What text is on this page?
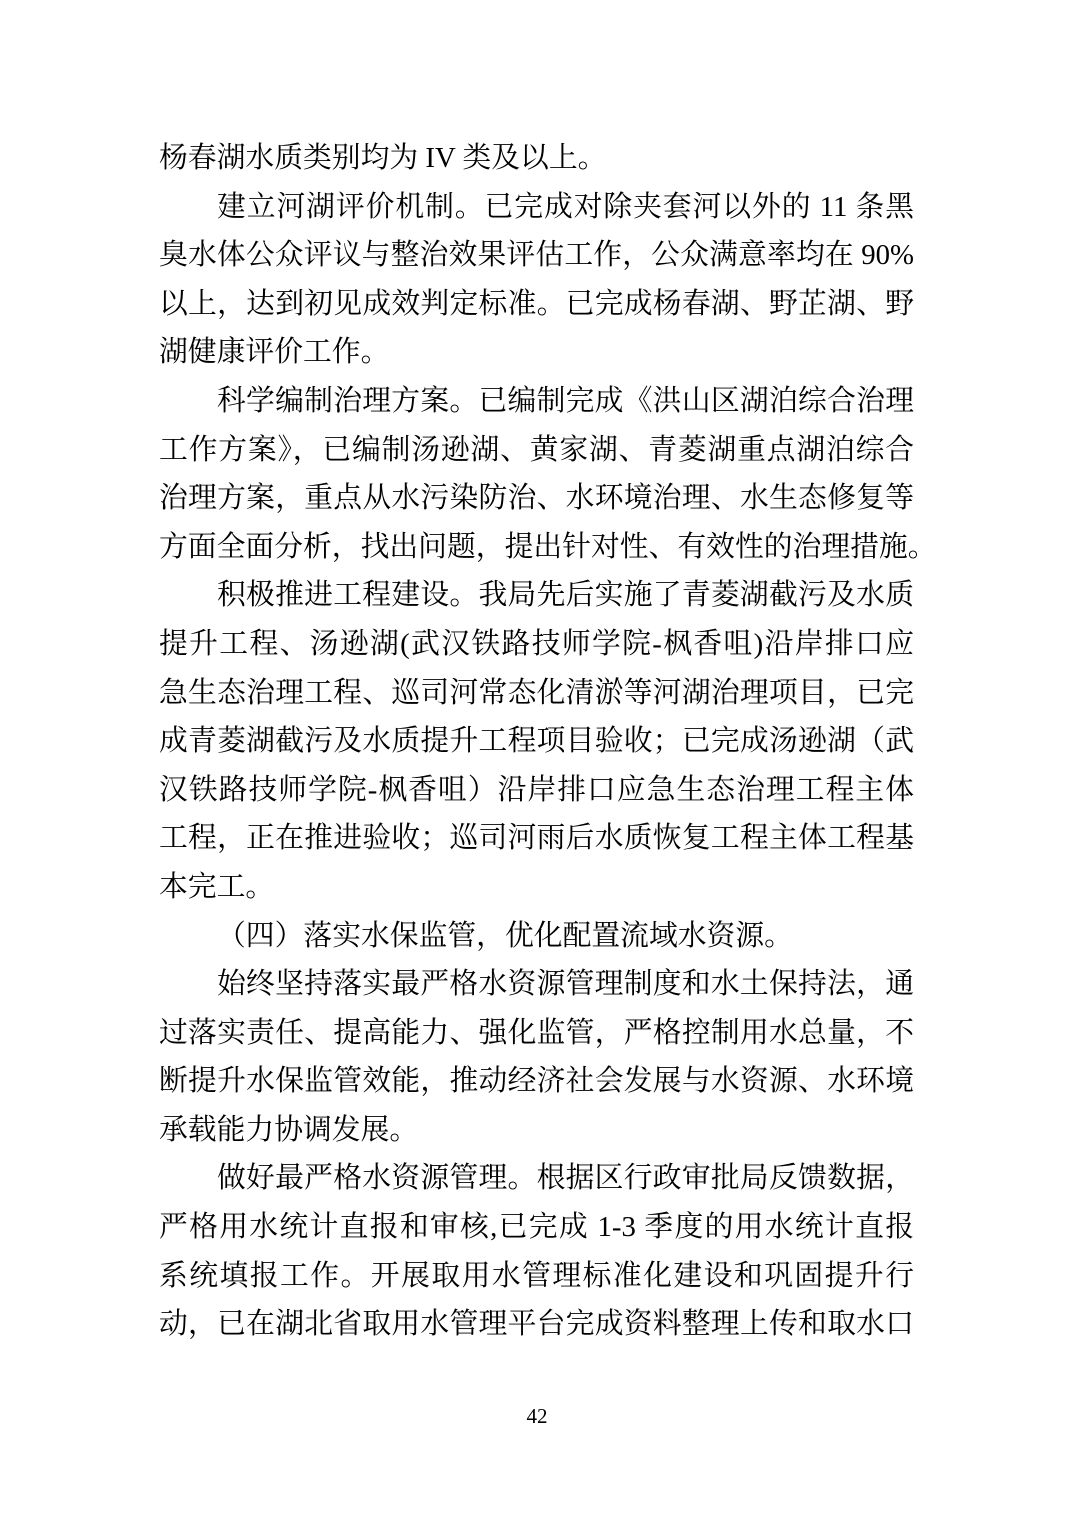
杨春湖水质类别均为 IV 类及以上。
建立河湖评价机制。已完成对除夹套河以外的 11 条黑
臭水体公众评议与整治效果评估工作，公众满意率均在 90%
以上，达到初见成效判定标准。已完成杨春湖、野芷湖、野
湖健康评价工作。
科学编制治理方案。已编制完成《洪山区湖泊综合治理
工作方案》，已编制汤逊湖、黄家湖、青菱湖重点湖泊综合
治理方案，重点从水污染防治、水环境治理、水生态修复等
方面全面分析，找出问题，提出针对性、有效性的治理措施。
积极推进工程建设。我局先后实施了青菱湖截污及水质
提升工程、汤逊湖(武汉铁路技师学院-枫香咀)沿岸排口应
急生态治理工程、巡司河常态化清淤等河湖治理项目，已完
成青菱湖截污及水质提升工程项目验收；已完成汤逊湖（武
汉铁路技师学院-枫香咀）沿岸排口应急生态治理工程主体
工程，正在推进验收；巡司河雨后水质恢复工程主体工程基
本完工。
（四）落实水保监管，优化配置流域水资源。
始终坚持落实最严格水资源管理制度和水土保持法，通
过落实责任、提高能力、强化监管，严格控制用水总量，不
断提升水保监管效能，推动经济社会发展与水资源、水环境
承载能力协调发展。
做好最严格水资源管理。根据区行政审批局反馈数据，
严格用水统计直报和审核,已完成 1-3 季度的用水统计直报
系统填报工作。开展取用水管理标准化建设和巩固提升行
动，已在湖北省取用水管理平台完成资料整理上传和取水口
42
